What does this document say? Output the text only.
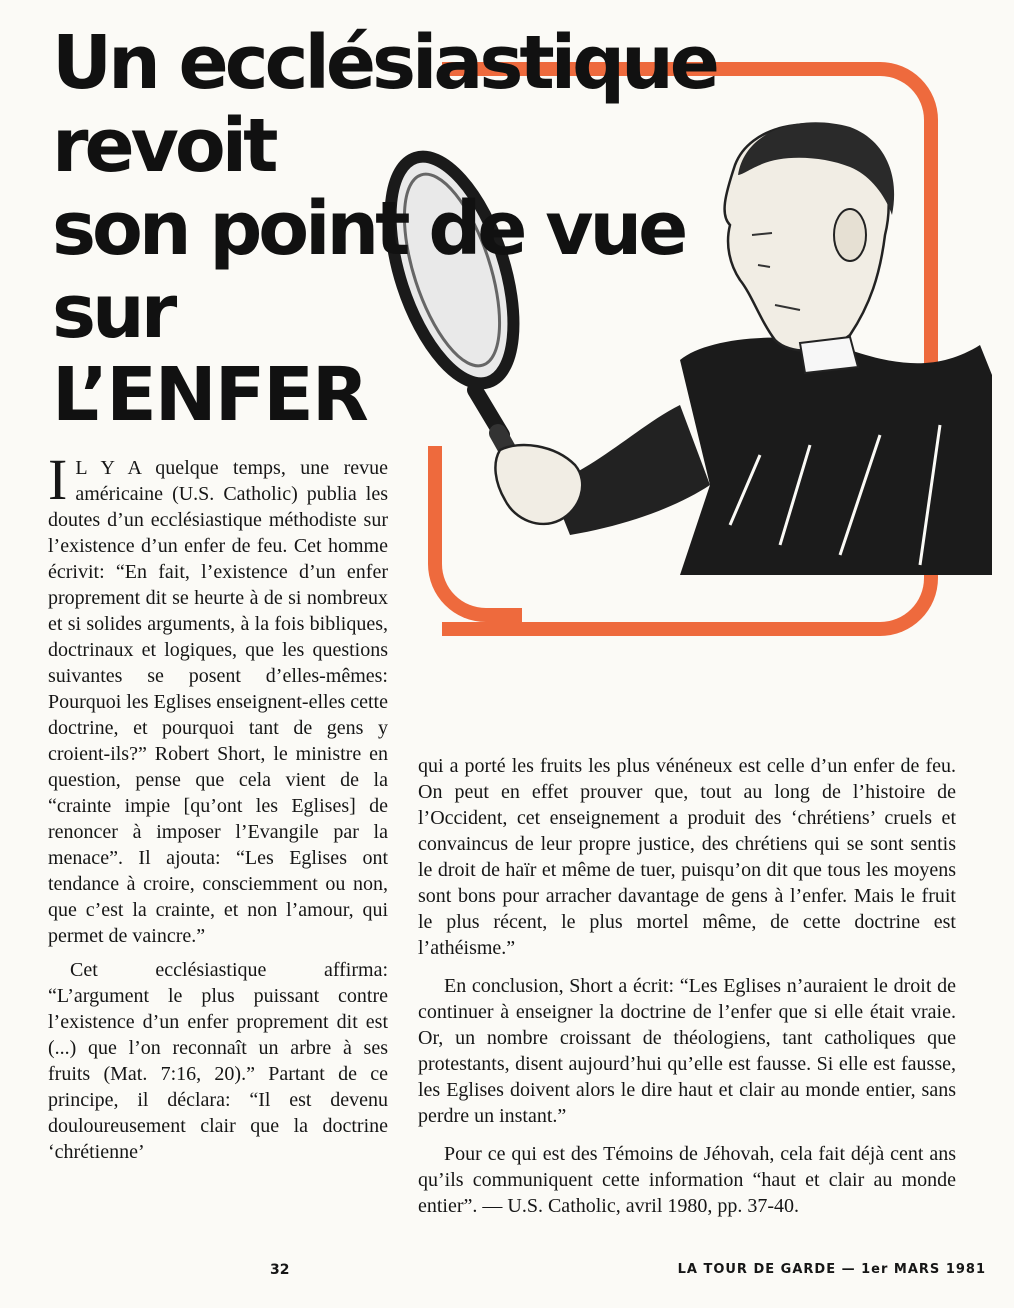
Un ecclésiastique
revoit
son point de vue
sur
L’ENFER

I L Y A quelque temps, une revue américaine (U.S. Catholic) publia les doutes d’un ecclésiastique méthodiste sur l’existence d’un enfer de feu. Cet homme écrivit: “En fait, l’existence d’un enfer proprement dit se heurte à de si nombreux et si solides arguments, à la fois bibliques, doctrinaux et logiques, que les questions suivantes se posent d’elles-mêmes: Pourquoi les Eglises enseignent-elles cette doctrine, et pourquoi tant de gens y croient-ils?” Robert Short, le ministre en question, pense que cela vient de la “crainte impie [qu’ont les Eglises] de renoncer à imposer l’Evangile par la menace”. Il ajouta: “Les Eglises ont tendance à croire, consciemment ou non, que c’est la crainte, et non l’amour, qui permet de vaincre.”

Cet ecclésiastique affirma: “L’argument le plus puissant contre l’existence d’un enfer proprement dit est (...) que l’on reconnaît un arbre à ses fruits (Mat. 7:16, 20).” Partant de ce principe, il déclara: “Il est devenu douloureusement clair que la doctrine ‘chrétienne’

qui a porté les fruits les plus vénéneux est celle d’un enfer de feu. On peut en effet prouver que, tout au long de l’histoire de l’Occident, cet enseignement a produit des ‘chrétiens’ cruels et convaincus de leur propre justice, des chrétiens qui se sont sentis le droit de haïr et même de tuer, puisqu’on dit que tous les moyens sont bons pour arracher davantage de gens à l’enfer. Mais le fruit le plus récent, le plus mortel même, de cette doctrine est l’athéisme.”

En conclusion, Short a écrit: “Les Eglises n’auraient le droit de continuer à enseigner la doctrine de l’enfer que si elle était vraie. Or, un nombre croissant de théologiens, tant catholiques que protestants, disent aujourd’hui qu’elle est fausse. Si elle est fausse, les Eglises doivent alors le dire haut et clair au monde entier, sans perdre un instant.”

Pour ce qui est des Témoins de Jéhovah, cela fait déjà cent ans qu’ils communiquent cette information “haut et clair au monde entier”. — U.S. Catholic, avril 1980, pp. 37-40.

32	LA TOUR DE GARDE — 1er MARS 1981
